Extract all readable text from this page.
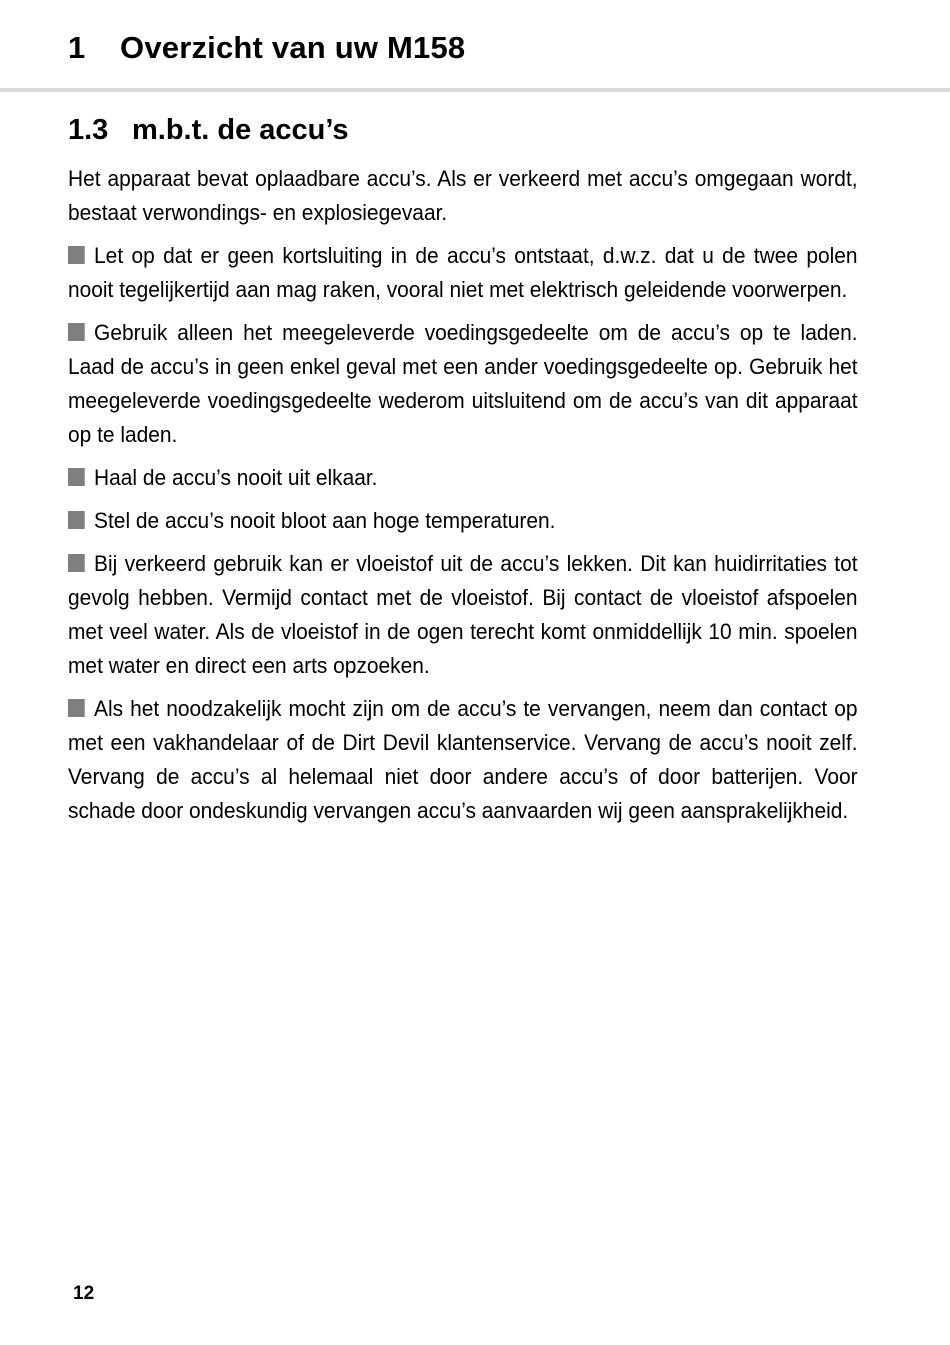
1 Overzicht van uw M158
1.3 m.b.t. de accu’s

Het apparaat bevat oplaadbare accu’s. Als er verkeerd met accu’s omgegaan wordt, bestaat verwondings- en explosiegevaar.

Let op dat er geen kortsluiting in de accu’s ontstaat, d.w.z. dat u de twee polen nooit tegelijkertijd aan mag raken, vooral niet met elektrisch geleidende voorwerpen.

Gebruik alleen het meegeleverde voedingsgedeelte om de accu’s op te laden. Laad de accu’s in geen enkel geval met een ander voedingsgedeelte op. Gebruik het meegeleverde voedingsgedeelte wederom uitsluitend om de accu’s van dit apparaat op te laden.

Haal de accu’s nooit uit elkaar.

Stel de accu’s nooit bloot aan hoge temperaturen.

Bij verkeerd gebruik kan er vloeistof uit de accu’s lekken. Dit kan huidirritaties tot gevolg hebben. Vermijd contact met de vloeistof. Bij contact de vloeistof afspoelen met veel water. Als de vloeistof in de ogen terecht komt onmiddellijk 10 min. spoelen met water en direct een arts opzoeken.

Als het noodzakelijk mocht zijn om de accu’s te vervangen, neem dan contact op met een vakhandelaar of de Dirt Devil klantenservice. Vervang de accu’s nooit zelf. Vervang de accu’s al helemaal niet door andere accu’s of door batterijen. Voor schade door ondeskundig vervangen accu’s aanvaarden wij geen aansprakelijkheid.

12
